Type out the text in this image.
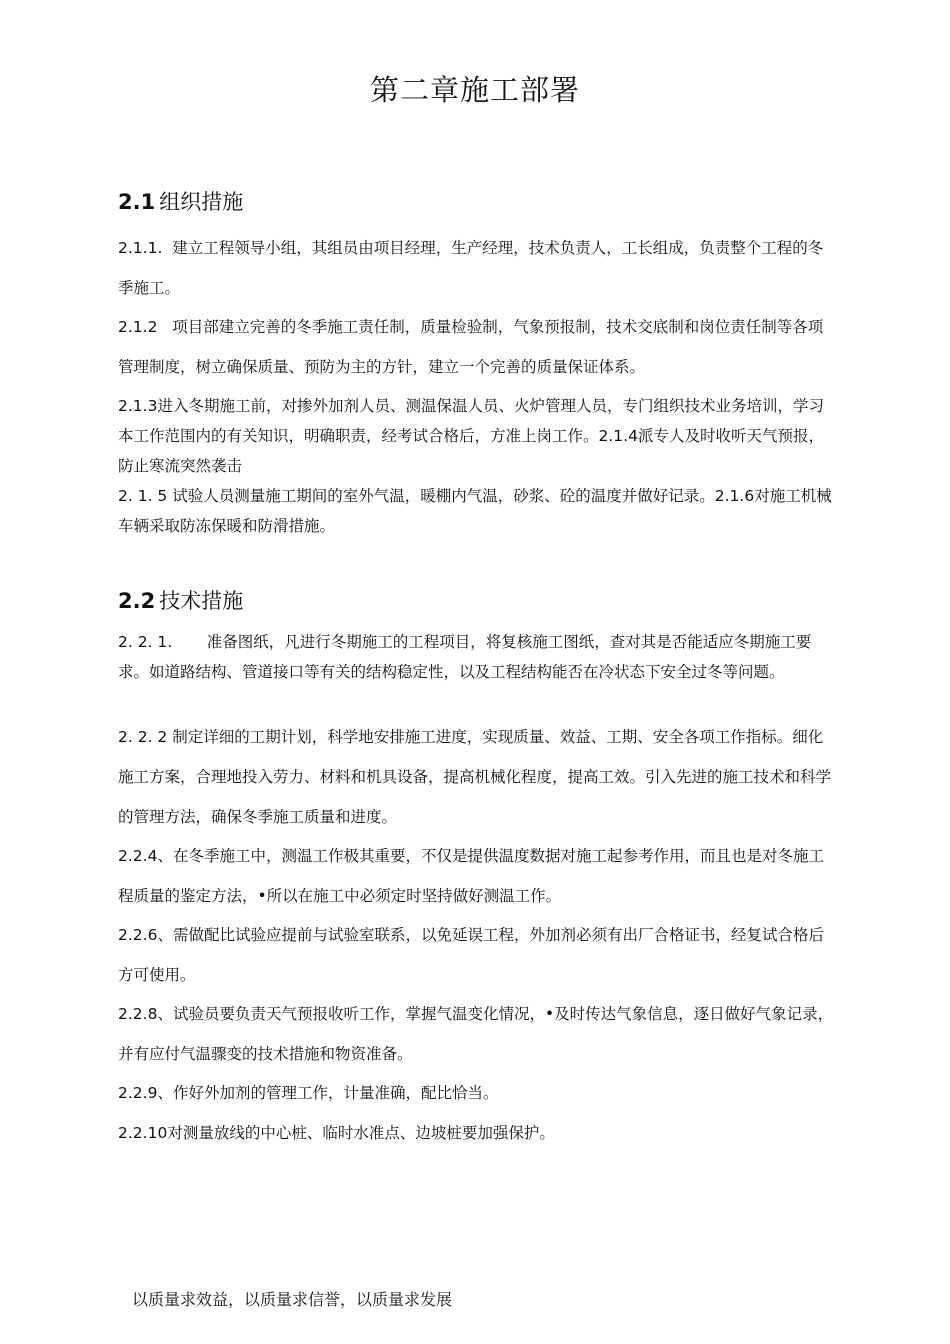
第二章施工部署
2.1 组织措施
2.1.1. 建立工程领导小组，其组员由项目经理，生产经理，技术负责人，工长组成，负责整个工程的冬季施工。
2.1.2 项目部建立完善的冬季施工责任制，质量检验制，气象预报制，技术交底制和岗位责任制等各项管理制度，树立确保质量、预防为主的方针，建立一个完善的质量保证体系。
2.1.3进入冬期施工前，对掺外加剂人员、测温保温人员、火炉管理人员，专门组织技术业务培训，学习本工作范围内的有关知识，明确职责，经考试合格后，方准上岗工作。2.1.4派专人及时收听天气预报，防止寒流突然袭击
2. 1. 5 试验人员测量施工期间的室外气温，暖棚内气温，砂浆、砼的温度并做好记录。2.1.6对施工机械车辆采取防冻保暖和防滑措施。
2.2 技术措施
2. 2. 1. 准备图纸，凡进行冬期施工的工程项目，将复核施工图纸，查对其是否能适应冬期施工要求。如道路结构、管道接口等有关的结构稳定性，以及工程结构能否在冷状态下安全过冬等问题。
2. 2. 2 制定详细的工期计划，科学地安排施工进度，实现质量、效益、工期、安全各项工作指标。细化施工方案，合理地投入劳力、材料和机具设备，提高机械化程度，提高工效。引入先进的施工技术和科学的管理方法，确保冬季施工质量和进度。
2.2.4、在冬季施工中，测温工作极其重要，不仅是提供温度数据对施工起参考作用，而且也是对冬施工程质量的鉴定方法，•所以在施工中必须定时坚持做好测温工作。
2.2.6、需做配比试验应提前与试验室联系，以免延误工程，外加剂必须有出厂合格证书，经复试合格后方可使用。
2.2.8、试验员要负责天气预报收听工作，掌握气温变化情况，•及时传达气象信息，逐日做好气象记录，并有应付气温骤变的技术措施和物资准备。
2.2.9、作好外加剂的管理工作，计量准确，配比恰当。
2.2.10对测量放线的中心桩、临时水准点、边坡桩要加强保护。
以质量求效益，以质量求信誉，以质量求发展
